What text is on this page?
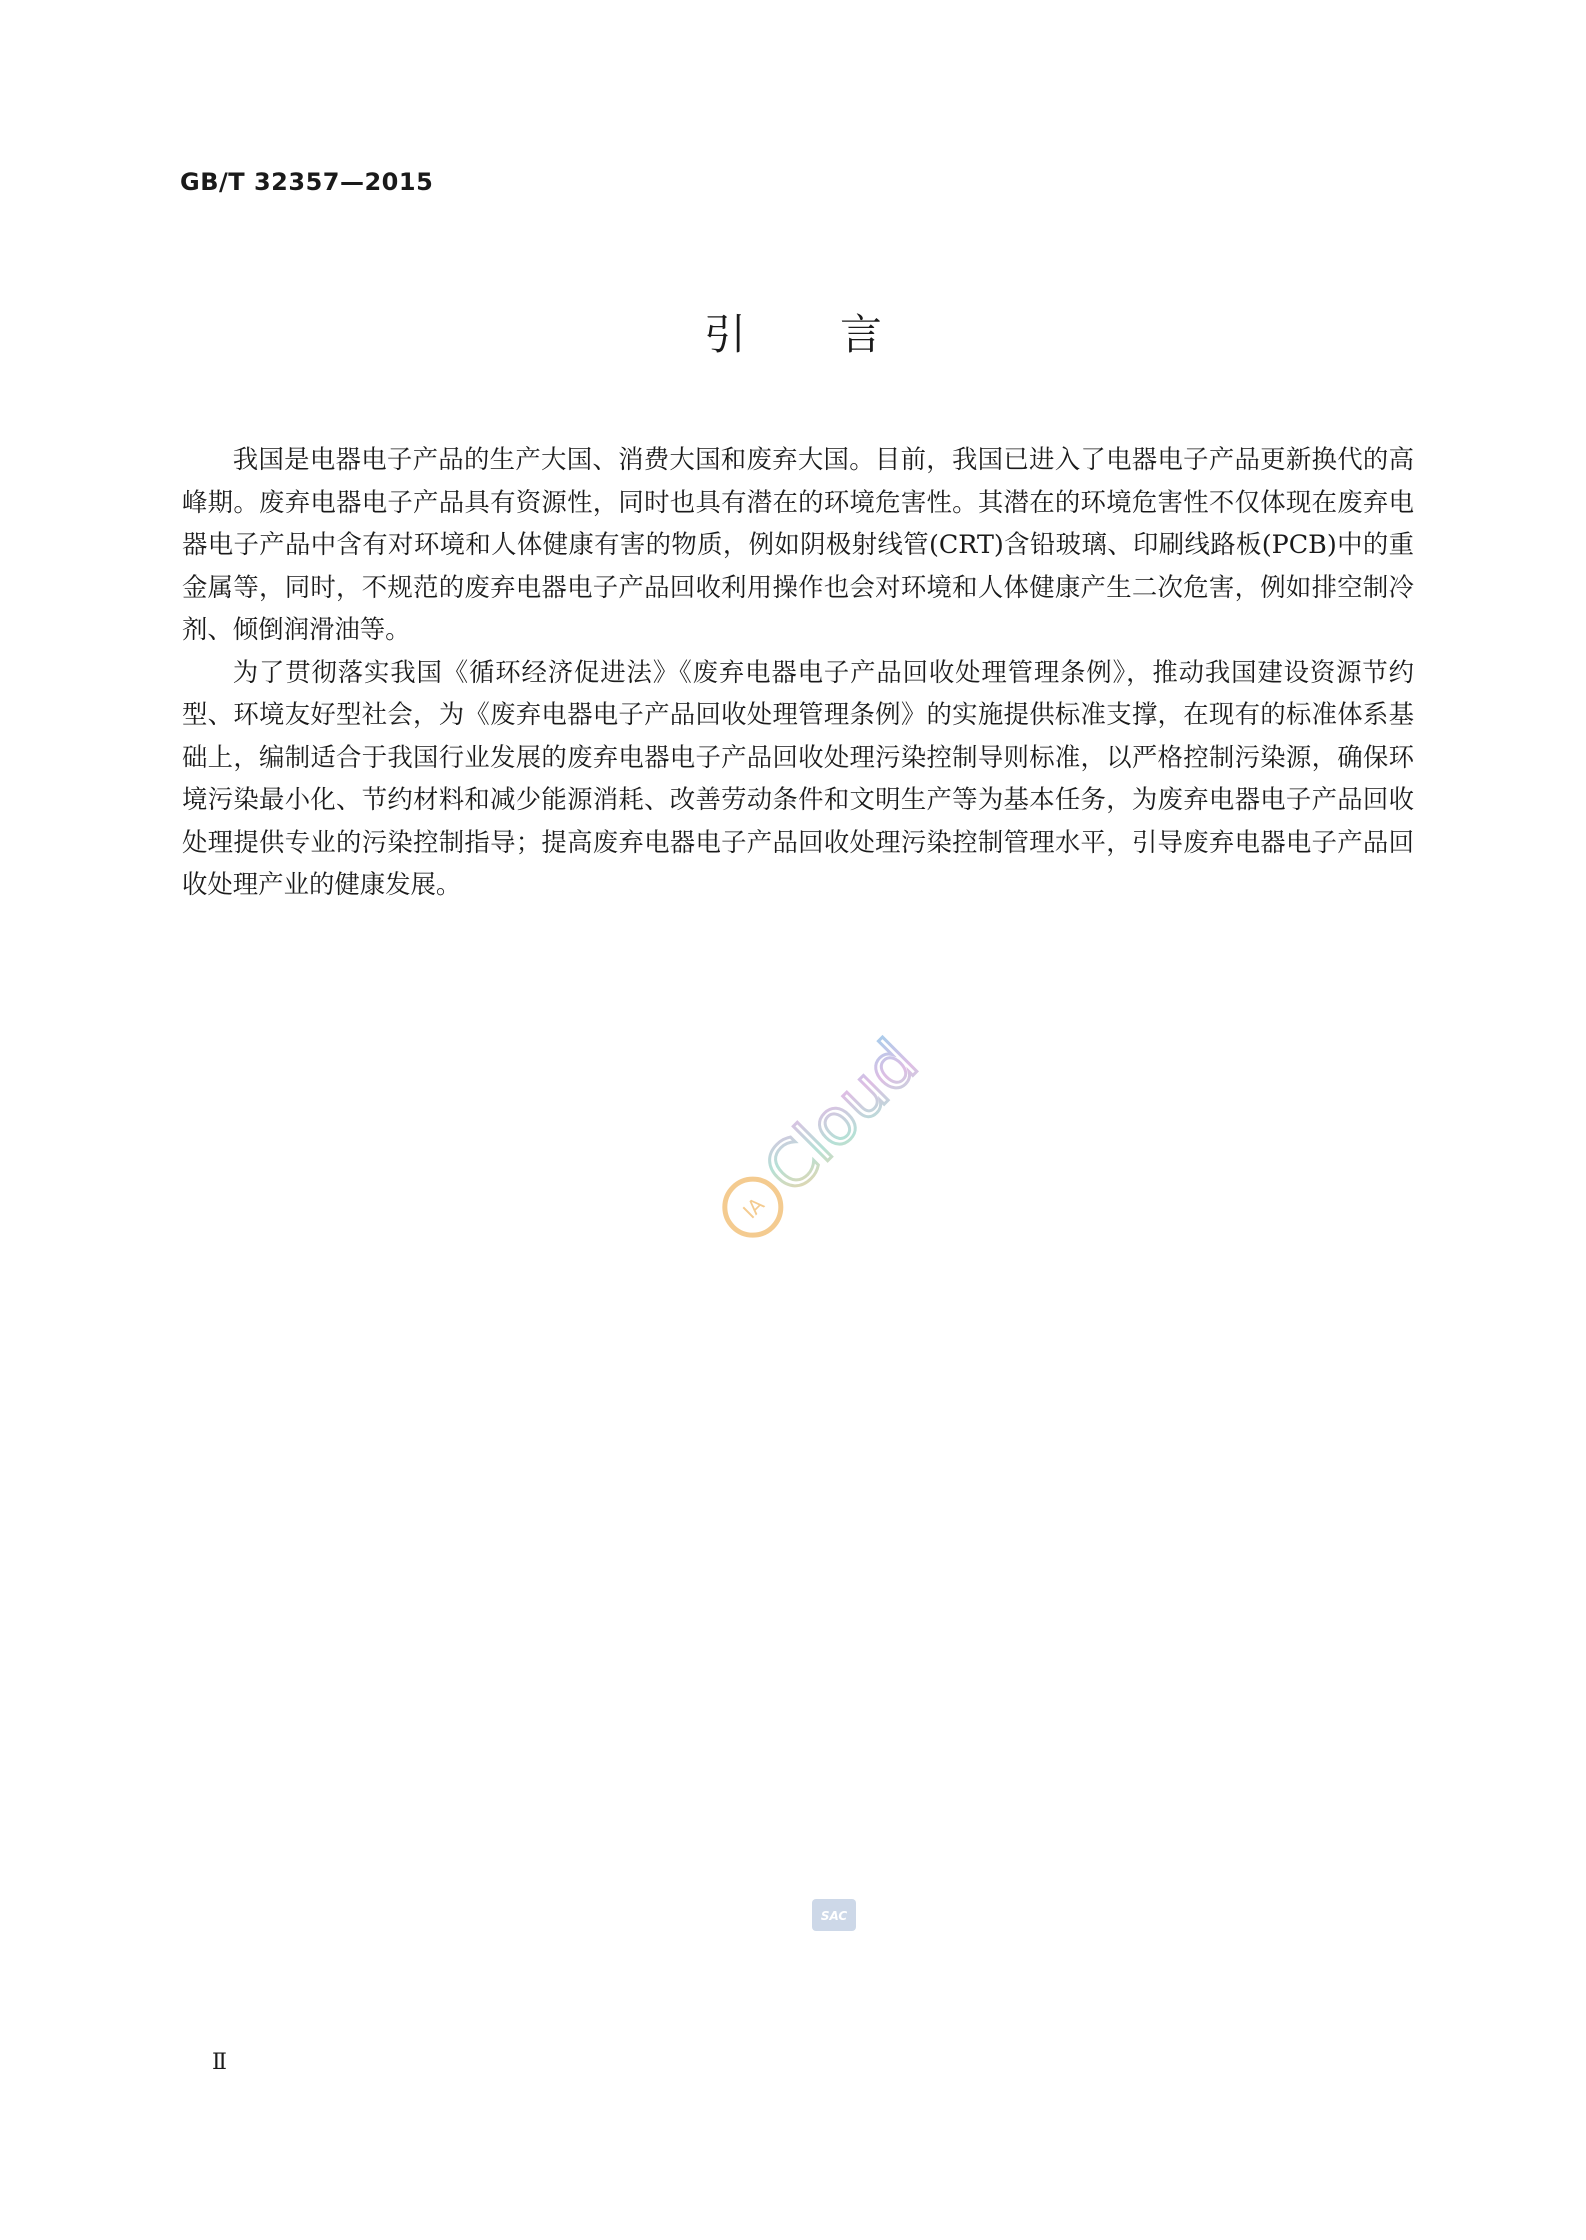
GB/T 32357—2015
引言

我国是电器电子产品的生产大国、消费大国和废弃大国。目前，我国已进入了电器电子产品更新换代的高峰期。废弃电器电子产品具有资源性，同时也具有潜在的环境危害性。其潜在的环境危害性不仅体现在废弃电器电子产品中含有对环境和人体健康有害的物质，例如阴极射线管(CRT)含铅玻璃、印刷线路板(PCB)中的重金属等，同时，不规范的废弃电器电子产品回收利用操作也会对环境和人体健康产生二次危害，例如排空制冷剂、倾倒润滑油等。

为了贯彻落实我国《循环经济促进法》《废弃电器电子产品回收处理管理条例》，推动我国建设资源节约型、环境友好型社会，为《废弃电器电子产品回收处理管理条例》的实施提供标准支撑，在现有的标准体系基础上，编制适合于我国行业发展的废弃电器电子产品回收处理污染控制导则标准，以严格控制污染源，确保环境污染最小化、节约材料和减少能源消耗、改善劳动条件和文明生产等为基本任务，为废弃电器电子产品回收处理提供专业的污染控制指导；提高废弃电器电子产品回收处理污染控制管理水平，引导废弃电器电子产品回收处理产业的健康发展。

IA
Cloud
SAC
Ⅱ
